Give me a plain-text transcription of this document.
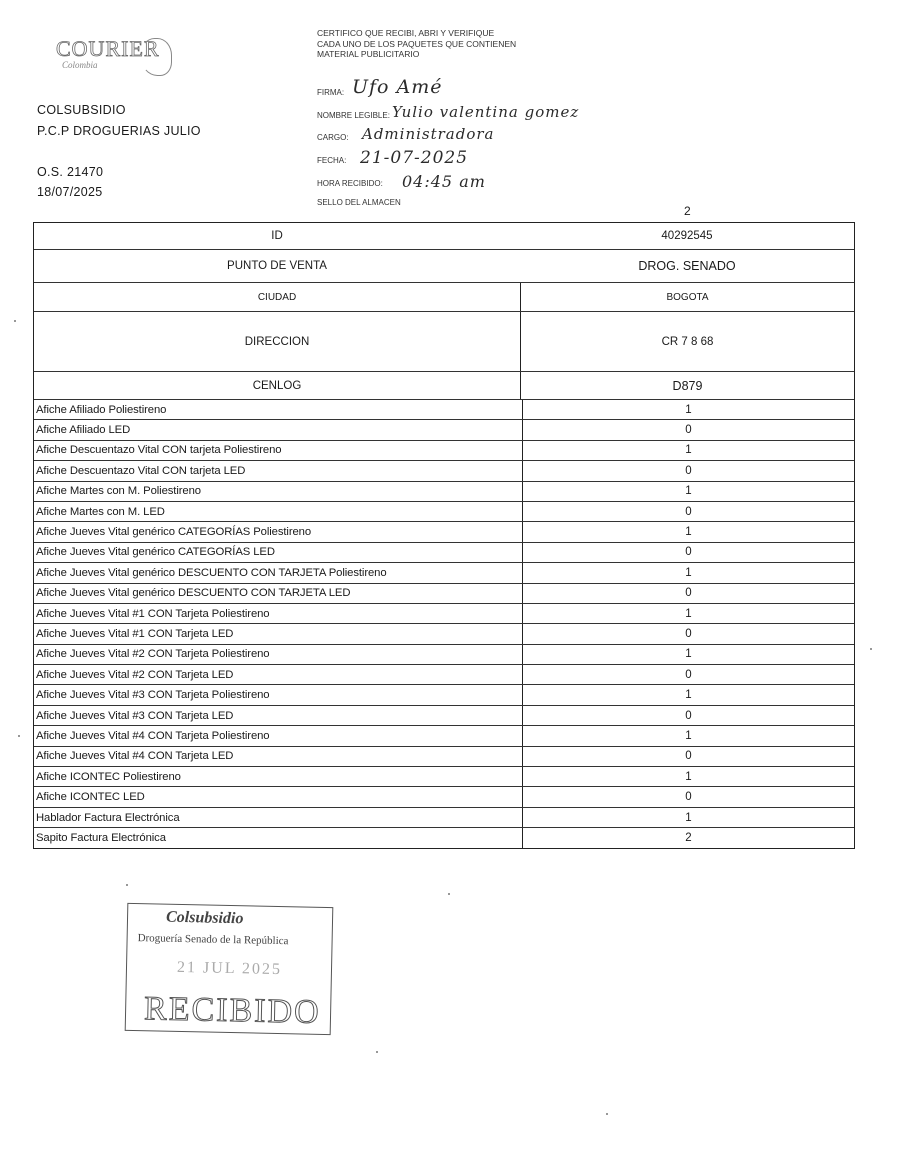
COURIER
Colombia
COLSUBSIDIO
P.C.P DROGUERIAS JULIO
O.S. 21470
18/07/2025
CERTIFICO QUE RECIBI, ABRI Y VERIFIQUE CADA UNO DE LOS PAQUETES QUE CONTIENEN MATERIAL PUBLICITARIO
FIRMA: Ufo Amé
NOMBRE LEGIBLE: Yulio valentina gomez
CARGO: Administradora
FECHA: 21-07-2025
HORA RECIBIDO: 04:45 am
SELLO DEL ALMACEN
2
ID	40292545
PUNTO DE VENTA	DROG. SENADO
CIUDAD	BOGOTA
DIRECCION	CR 7 8 68
CENLOG	D879
Afiche Afiliado Poliestireno	1
Afiche Afiliado LED	0
Afiche Descuentazo Vital CON tarjeta Poliestireno	1
Afiche Descuentazo Vital CON tarjeta LED	0
Afiche Martes con M. Poliestireno	1
Afiche Martes con M. LED	0
Afiche Jueves Vital genérico CATEGORÍAS Poliestireno	1
Afiche Jueves Vital genérico CATEGORÍAS LED	0
Afiche Jueves Vital genérico DESCUENTO CON TARJETA Poliestireno	1
Afiche Jueves Vital genérico DESCUENTO CON TARJETA LED	0
Afiche Jueves Vital #1 CON Tarjeta Poliestireno	1
Afiche Jueves Vital #1 CON Tarjeta LED	0
Afiche Jueves Vital #2 CON Tarjeta Poliestireno	1
Afiche Jueves Vital #2 CON Tarjeta LED	0
Afiche Jueves Vital #3 CON Tarjeta Poliestireno	1
Afiche Jueves Vital #3 CON Tarjeta LED	0
Afiche Jueves Vital #4 CON Tarjeta Poliestireno	1
Afiche Jueves Vital #4 CON Tarjeta LED	0
Afiche ICONTEC Poliestireno	1
Afiche ICONTEC LED	0
Hablador Factura Electrónica	1
Sapito Factura Electrónica	2
Colsubsidio
Droguería Senado de la República
21 JUL 2025
RECIBIDO
